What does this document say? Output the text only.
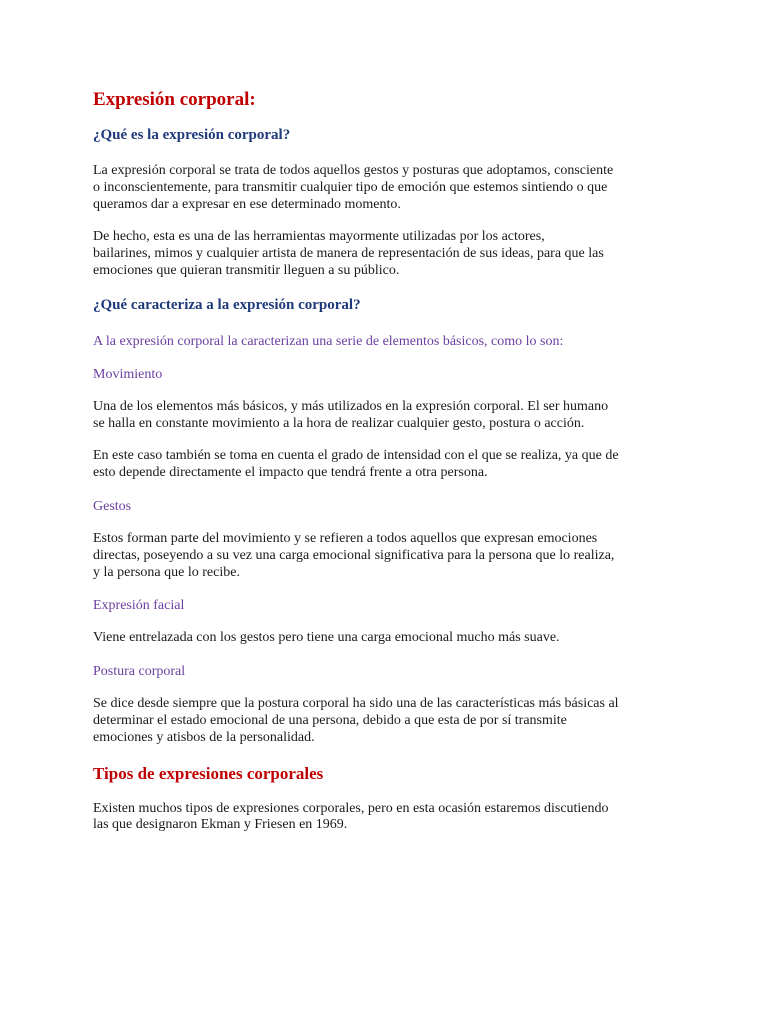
Expresión corporal:
¿Qué es la expresión corporal?

La expresión corporal se trata de todos aquellos gestos y posturas que adoptamos, consciente
o inconscientemente, para transmitir cualquier tipo de emoción que estemos sintiendo o que
queramos dar a expresar en ese determinado momento.

De hecho, esta es una de las herramientas mayormente utilizadas por los actores,
bailarines, mimos y cualquier artista de manera de representación de sus ideas, para que las
emociones que quieran transmitir lleguen a su público.

¿Qué caracteriza a la expresión corporal?

A la expresión corporal la caracterizan una serie de elementos básicos, como lo son:

Movimiento

Una de los elementos más básicos, y más utilizados en la expresión corporal. El ser humano
se halla en constante movimiento a la hora de realizar cualquier gesto, postura o acción.

En este caso también se toma en cuenta el grado de intensidad con el que se realiza, ya que de
esto depende directamente el impacto que tendrá frente a otra persona.

Gestos

Estos forman parte del movimiento y se refieren a todos aquellos que expresan emociones
directas, poseyendo a su vez una carga emocional significativa para la persona que lo realiza,
y la persona que lo recibe.

Expresión facial

Viene entrelazada con los gestos pero tiene una carga emocional mucho más suave.

Postura corporal

Se dice desde siempre que la postura corporal ha sido una de las características más básicas al
determinar el estado emocional de una persona, debido a que esta de por sí transmite
emociones y atisbos de la personalidad.

Tipos de expresiones corporales

Existen muchos tipos de expresiones corporales, pero en esta ocasión estaremos discutiendo
las que designaron Ekman y Friesen en 1969.
